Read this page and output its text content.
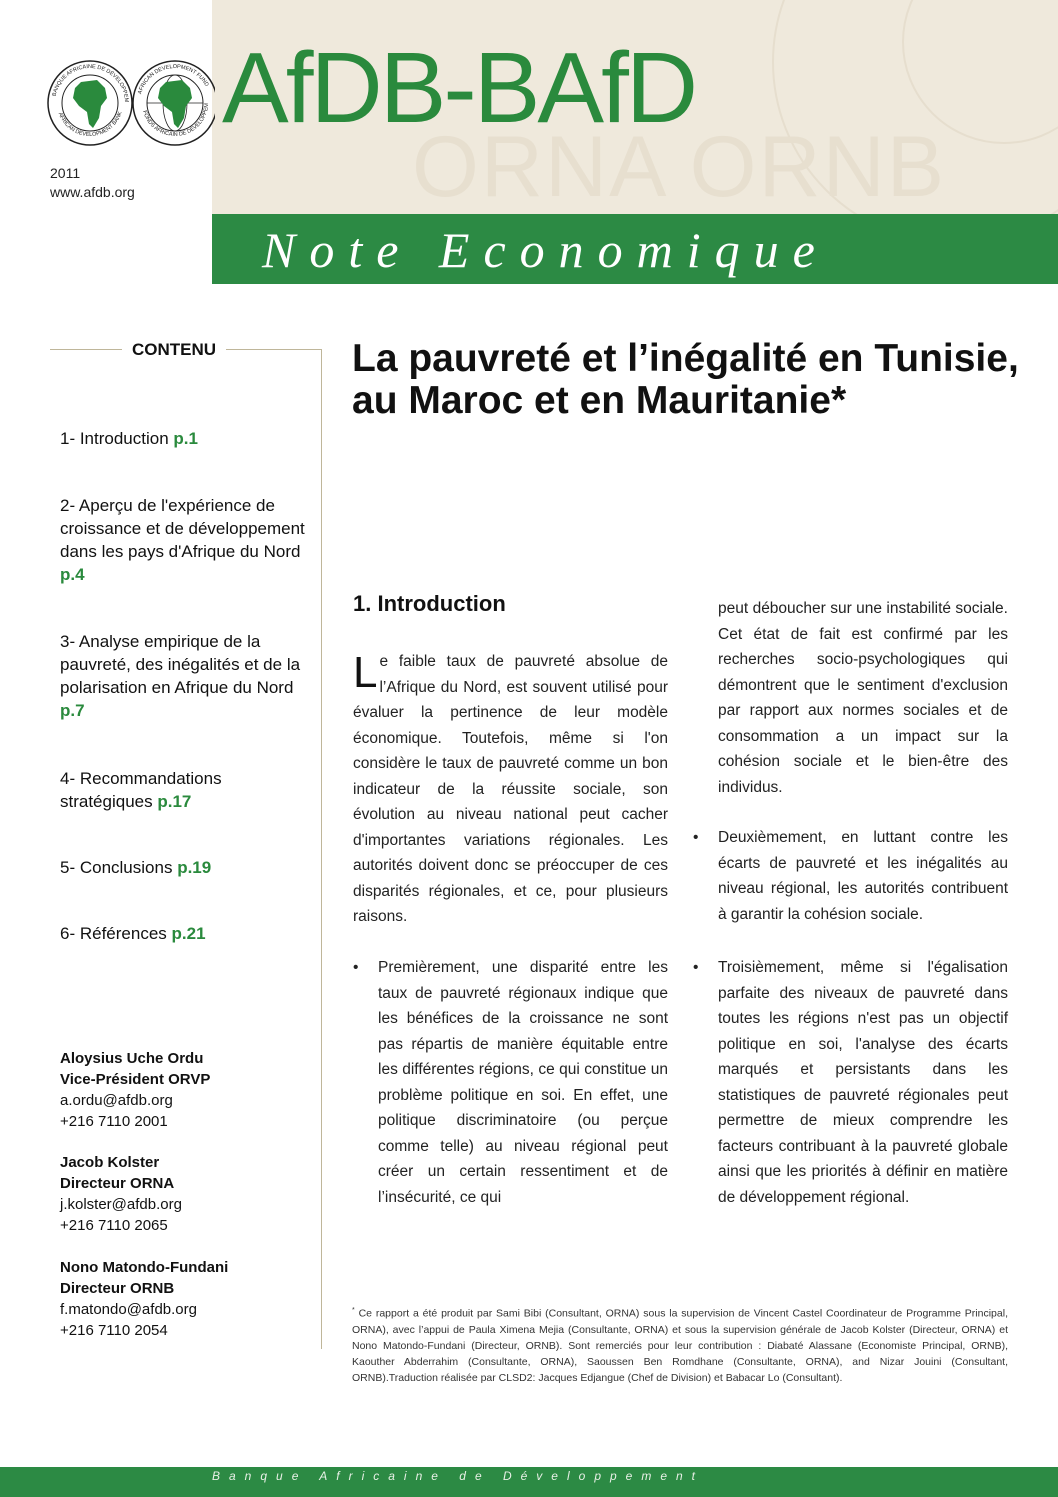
ORNA ORNB
BANQUE AFRICAINE DE DÉVELOPPEM
AFRICAN DEVELOPMENT BANK
AFRICAN DEVELOPMENT FUND
FONDS AFRICAIN DE DÉVELOPPEM AfDB-BAfD
2011
www.afdb.org
Note Economique
CONTENU
1- Introduction p.1
2- Aperçu de l'expérience de croissance et de développement dans les pays d'Afrique du Nord p.4
3- Analyse empirique de la pauvreté, des inégalités et de la polarisation en Afrique du Nord p.7
4- Recommandations stratégiques p.17
5- Conclusions p.19
6- Références p.21
Aloysius Uche Ordu
Vice-Président ORVP
a.ordu@afdb.org
+216 7110 2001
Jacob Kolster
Directeur ORNA
j.kolster@afdb.org
+216 7110 2065
Nono Matondo-Fundani
Directeur ORNB
f.matondo@afdb.org
+216 7110 2054
La pauvreté et l’inégalité en Tunisie, au Maroc et en Mauritanie*
1. Introduction
Le faible taux de pauvreté absolue de l’Afrique du Nord, est souvent utilisé pour évaluer la pertinence de leur modèle économique. Toutefois, même si l'on considère le taux de pauvreté comme un bon indicateur de la réussite sociale, son évolution au niveau national peut cacher d'importantes variations régionales. Les autorités doivent donc se préoccuper de ces disparités régionales, et ce, pour plusieurs raisons.
• Premièrement, une disparité entre les taux de pauvreté régionaux indique que les bénéfices de la croissance ne sont pas répartis de manière équitable entre les différentes régions, ce qui constitue un problème politique en soi. En effet, une politique discriminatoire (ou perçue comme telle) au niveau régional peut créer un certain ressentiment et de l’insécurité, ce qui
peut déboucher sur une instabilité sociale. Cet état de fait est confirmé par les recherches socio-psychologiques qui démontrent que le sentiment d'exclusion par rapport aux normes sociales et de consommation a un impact sur la cohésion sociale et le bien-être des individus.
• Deuxièmement, en luttant contre les écarts de pauvreté et les inégalités au niveau régional, les autorités contribuent à garantir la cohésion sociale.
• Troisièmement, même si l'égalisation parfaite des niveaux de pauvreté dans toutes les régions n'est pas un objectif politique en soi, l'analyse des écarts marqués et persistants dans les statistiques de pauvreté régionales peut permettre de mieux comprendre les facteurs contribuant à la pauvreté globale ainsi que les priorités à définir en matière de développement régional.
* Ce rapport a été produit par Sami Bibi (Consultant, ORNA) sous la supervision de Vincent Castel Coordinateur de Programme Principal, ORNA), avec l’appui de Paula Ximena Mejia (Consultante, ORNA) et sous la supervision générale de Jacob Kolster (Directeur, ORNA) et Nono Matondo-Fundani (Directeur, ORNB). Sont remerciés pour leur contribution : Diabaté Alassane (Economiste Principal, ORNB), Kaouther Abderrahim (Consultante, ORNA), Saoussen Ben Romdhane (Consultante, ORNA), and Nizar Jouini (Consultant, ORNB).Traduction réalisée par CLSD2: Jacques Edjangue (Chef de Division) et Babacar Lo (Consultant).
Banque Africaine de Développement
